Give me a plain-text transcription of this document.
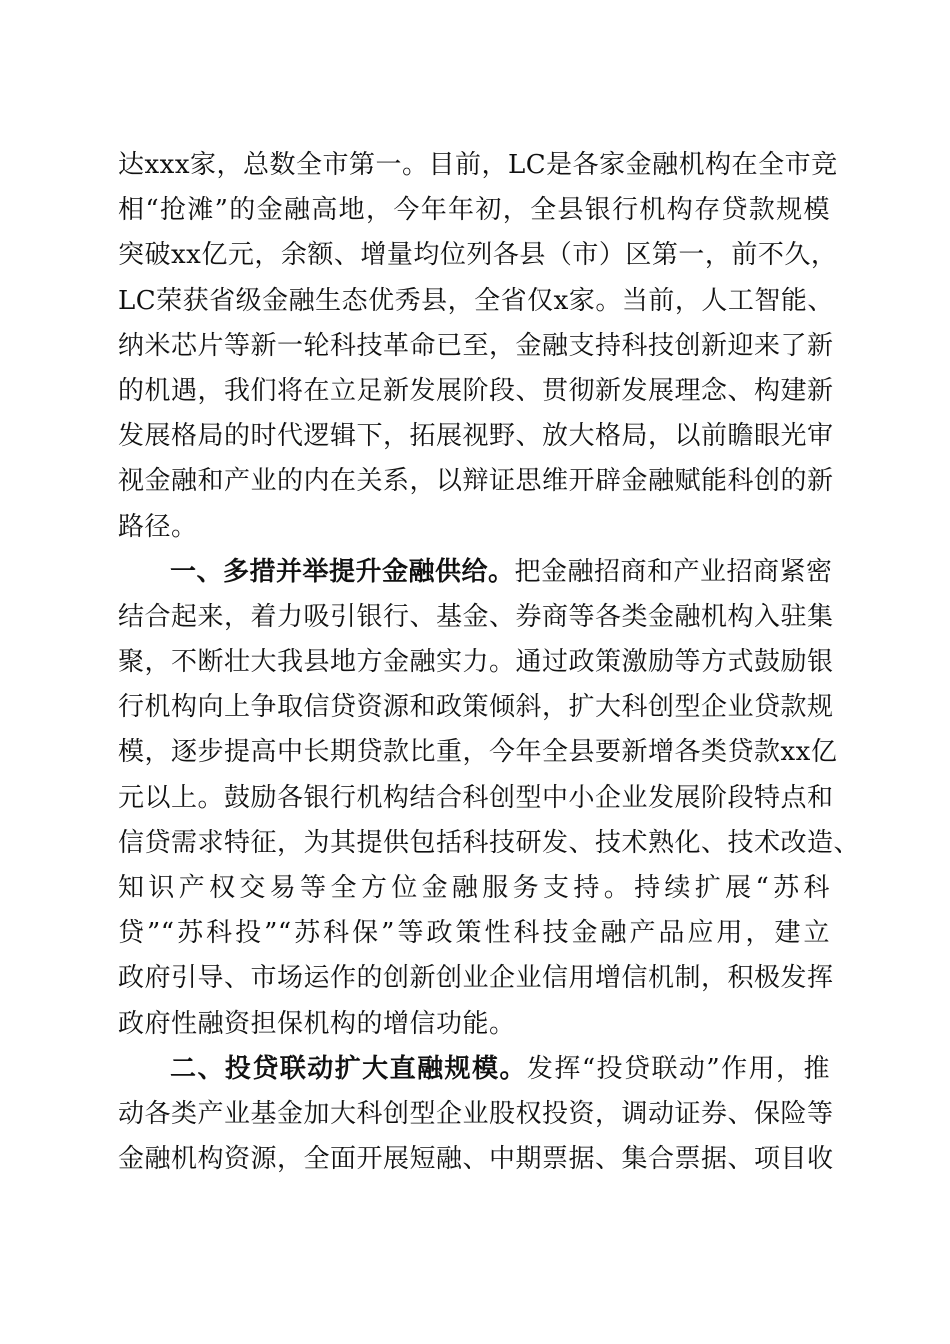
达xxx家，总数全市第一。目前，LC是各家金融机构在全市竞
相“抢滩”的金融高地，今年年初，全县银行机构存贷款规模
突破xx亿元，余额、增量均位列各县（市）区第一，前不久，
LC荣获省级金融生态优秀县，全省仅x家。当前，人工智能、
纳米芯片等新一轮科技革命已至，金融支持科技创新迎来了新
的机遇，我们将在立足新发展阶段、贯彻新发展理念、构建新
发展格局的时代逻辑下，拓展视野、放大格局，以前瞻眼光审
视金融和产业的内在关系，以辩证思维开辟金融赋能科创的新
路径。
一、多措并举提升金融供给。把金融招商和产业招商紧密
结合起来，着力吸引银行、基金、券商等各类金融机构入驻集
聚，不断壮大我县地方金融实力。通过政策激励等方式鼓励银
行机构向上争取信贷资源和政策倾斜，扩大科创型企业贷款规
模，逐步提高中长期贷款比重，今年全县要新增各类贷款xx亿
元以上。鼓励各银行机构结合科创型中小企业发展阶段特点和
信贷需求特征，为其提供包括科技研发、技术熟化、技术改造、
知识产权交易等全方位金融服务支持。持续扩展“苏科
贷”“苏科投”“苏科保”等政策性科技金融产品应用，建立
政府引导、市场运作的创新创业企业信用增信机制，积极发挥
政府性融资担保机构的增信功能。
二、投贷联动扩大直融规模。发挥“投贷联动”作用，推
动各类产业基金加大科创型企业股权投资，调动证券、保险等
金融机构资源，全面开展短融、中期票据、集合票据、项目收
